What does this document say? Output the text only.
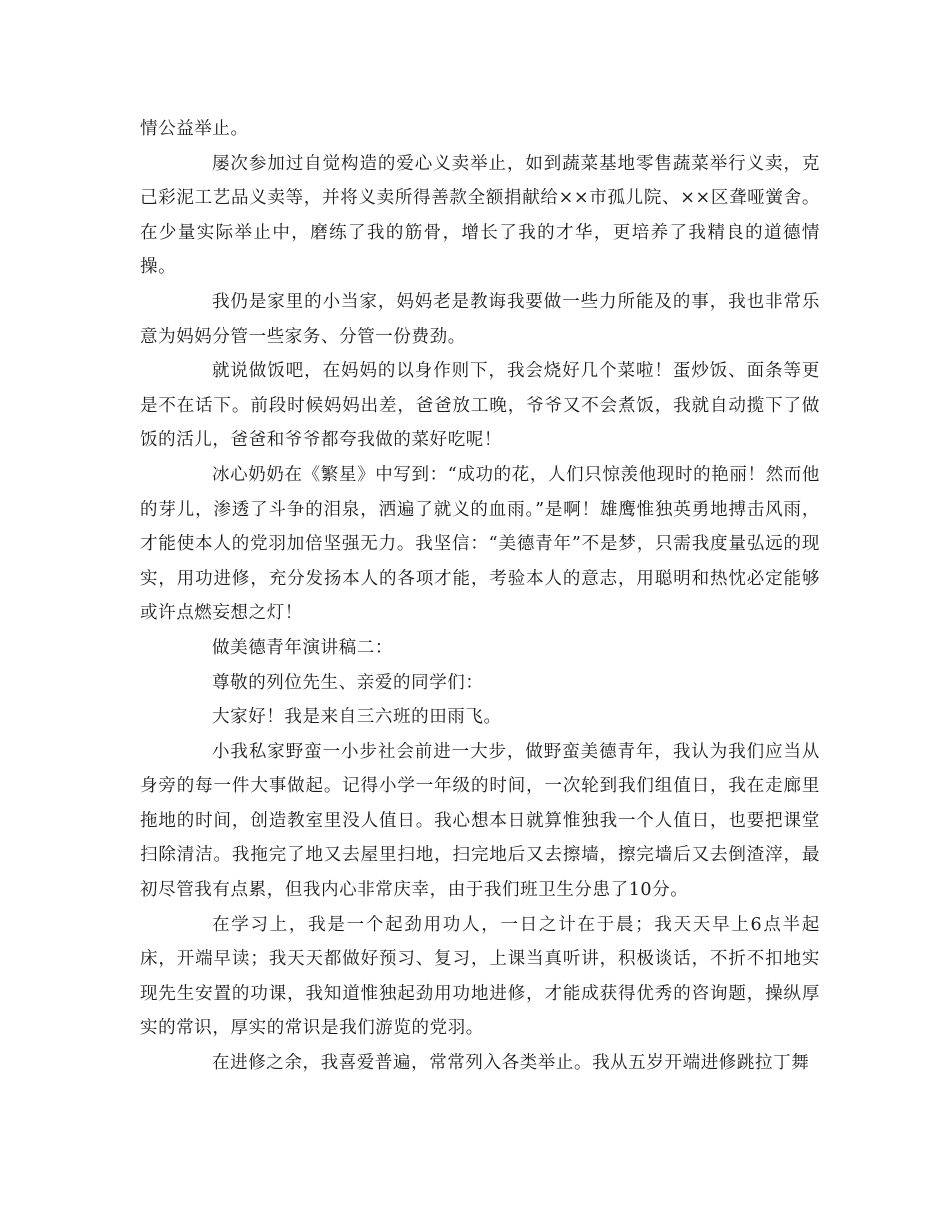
情公益举止。

屡次参加过自觉构造的爱心义卖举止，如到蔬菜基地零售蔬菜举行义卖，克己彩泥工艺品义卖等，并将义卖所得善款全额捐献给××市孤儿院、××区聋哑黉舍。在少量实际举止中，磨练了我的筋骨，增长了我的才华，更培养了我精良的道德情操。

我仍是家里的小当家，妈妈老是教诲我要做一些力所能及的事，我也非常乐意为妈妈分管一些家务、分管一份费劲。

就说做饭吧，在妈妈的以身作则下，我会烧好几个菜啦！蛋炒饭、面条等更是不在话下。前段时候妈妈出差，爸爸放工晚，爷爷又不会煮饭，我就自动揽下了做饭的活儿，爸爸和爷爷都夸我做的菜好吃呢！

冰心奶奶在《繁星》中写到：“成功的花，人们只惊羡他现时的艳丽！然而他的芽儿，渗透了斗争的泪泉，洒遍了就义的血雨。”是啊！雄鹰惟独英勇地搏击风雨，才能使本人的党羽加倍坚强无力。我坚信：“美德青年”不是梦，只需我度量弘远的现实，用功进修，充分发扬本人的各项才能，考验本人的意志，用聪明和热忱必定能够或许点燃妄想之灯！

做美德青年演讲稿二：

尊敬的列位先生、亲爱的同学们：

大家好！我是来自三六班的田雨飞。

小我私家野蛮一小步社会前进一大步，做野蛮美德青年，我认为我们应当从身旁的每一件大事做起。记得小学一年级的时间，一次轮到我们组值日，我在走廊里拖地的时间，创造教室里没人值日。我心想本日就算惟独我一个人值日，也要把课堂扫除清洁。我拖完了地又去屋里扫地，扫完地后又去擦墙，擦完墙后又去倒渣滓，最初尽管我有点累，但我内心非常庆幸，由于我们班卫生分患了10分。

在学习上，我是一个起劲用功人，一日之计在于晨；我天天早上6点半起床，开端早读；我天天都做好预习、复习，上课当真听讲，积极谈话，不折不扣地实现先生安置的功课，我知道惟独起劲用功地进修，才能成获得优秀的咨询题，操纵厚实的常识，厚实的常识是我们游览的党羽。

在进修之余，我喜爱普遍，常常列入各类举止。我从五岁开端进修跳拉丁舞
